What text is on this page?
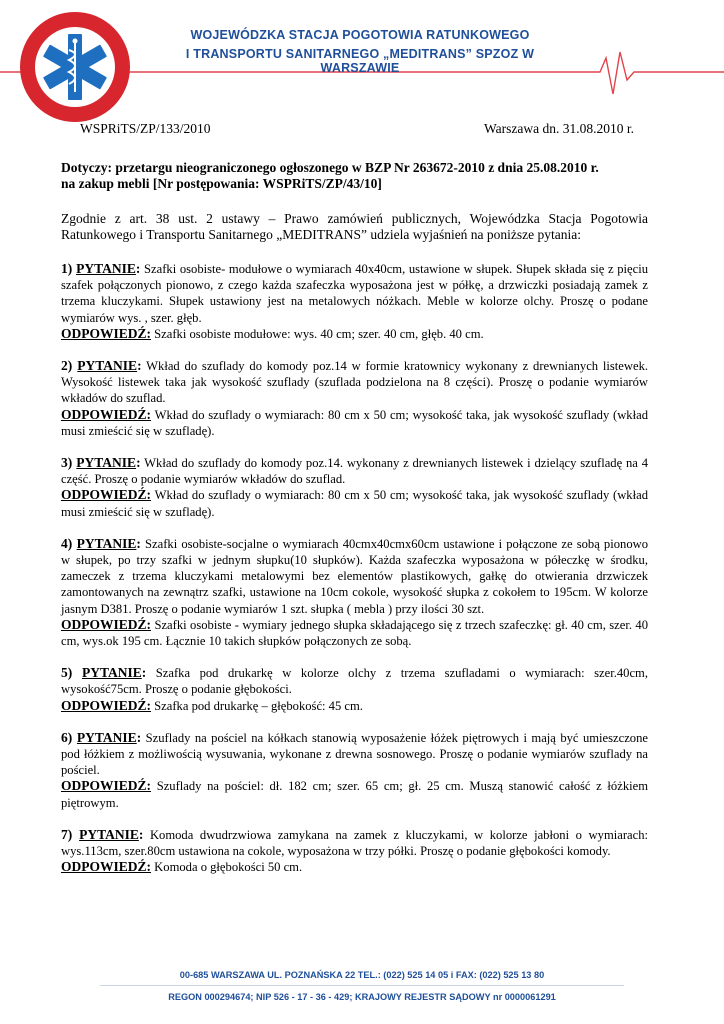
WOJEWÓDZKA STACJA POGOTOWIA RATUNKOWEGO
I TRANSPORTU SANITARNEGO „MEDITRANS” SPZOZ W WARSZAWIE
WSPRiTS/ZP/133/2010	Warszawa dn. 31.08.2010 r.

Dotyczy: przetargu nieograniczonego ogłoszonego w BZP Nr 263672-2010 z dnia 25.08.2010 r.

na zakup mebli [Nr postępowania: WSPRiTS/ZP/43/10]

Zgodnie z art. 38 ust. 2 ustawy – Prawo zamówień publicznych, Wojewódzka Stacja Pogotowia Ratunkowego i Transportu Sanitarnego „MEDITRANS” udziela wyjaśnień na poniższe pytania:

1) PYTANIE: Szafki osobiste- modułowe o wymiarach 40x40cm, ustawione w słupek. Słupek składa się z pięciu szafek połączonych pionowo, z czego każda szafeczka wyposażona jest w półkę, a drzwiczki posiadają zamek z trzema kluczykami. Słupek ustawiony jest na metalowych nóżkach. Meble w kolorze olchy. Proszę o podane wymiarów wys. , szer. głęb.
ODPOWIEDŹ: Szafki osobiste modułowe: wys. 40 cm; szer. 40 cm, głęb. 40 cm.
2) PYTANIE: Wkład do szuflady do komody poz.14 w formie kratownicy wykonany z drewnianych listewek. Wysokość listewek taka jak wysokość szuflady (szuflada podzielona na 8 części). Proszę o podanie wymiarów wkładów do szuflad.
ODPOWIEDŹ: Wkład do szuflady o wymiarach: 80 cm x 50 cm; wysokość taka, jak wysokość szuflady (wkład musi zmieścić się w szufladę).
3) PYTANIE: Wkład do szuflady do komody poz.14. wykonany z drewnianych listewek i dzielący szufladę na 4 część. Proszę o podanie wymiarów wkładów do szuflad.
ODPOWIEDŹ: Wkład do szuflady o wymiarach: 80 cm x 50 cm; wysokość taka, jak wysokość szuflady (wkład musi zmieścić się w szufladę).
4) PYTANIE: Szafki osobiste-socjalne o wymiarach 40cmx40cmx60cm ustawione i połączone ze sobą pionowo w słupek, po trzy szafki w jednym słupku(10 słupków). Każda szafeczka wyposażona w półeczkę w środku, zameczek z trzema kluczykami metalowymi bez elementów plastikowych, gałkę do otwierania drzwiczek zamontowanych na zewnątrz szafki, ustawione na 10cm cokole, wysokość słupka z cokołem to 195cm. W kolorze jasnym D381. Proszę o podanie wymiarów 1 szt. słupka ( mebla ) przy ilości 30 szt.
ODPOWIEDŹ: Szafki osobiste - wymiary jednego słupka składającego się z trzech szafeczkę: gł. 40 cm, szer. 40 cm, wys.ok 195 cm. Łącznie 10 takich słupków połączonych ze sobą.
5) PYTANIE: Szafka pod drukarkę w kolorze olchy z trzema szufladami o wymiarach: szer.40cm, wysokość75cm. Proszę o podanie głębokości.
ODPOWIEDŹ: Szafka pod drukarkę – głębokość: 45 cm.
6) PYTANIE: Szuflady na pościel na kółkach stanowią wyposażenie łóżek piętrowych i mają być umieszczone pod łóżkiem z możliwością wysuwania, wykonane z drewna sosnowego. Proszę o podanie wymiarów szuflady na pościel.
ODPOWIEDŹ: Szuflady na pościel: dł. 182 cm; szer. 65 cm; gł. 25 cm. Muszą stanowić całość z łóżkiem piętrowym.
7) PYTANIE: Komoda dwudrzwiowa zamykana na zamek z kluczykami, w kolorze jabłoni o wymiarach: wys.113cm, szer.80cm ustawiona na cokole, wyposażona w trzy półki. Proszę o podanie głębokości komody.
ODPOWIEDŹ: Komoda o głębokości 50 cm.
00-685 WARSZAWA UL. POZNAŃSKA 22 TEL.: (022) 525 14 05 i FAX: (022) 525 13 80
REGON 000294674; NIP 526 - 17 - 36 - 429; KRAJOWY REJESTR SĄDOWY nr 0000061291
